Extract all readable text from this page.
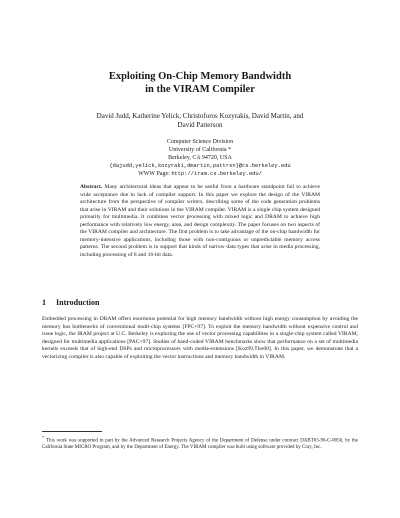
Exploiting On-Chip Memory Bandwidth
in the VIRAM Compiler
David Judd, Katherine Yelick, Christoforos Kozyrakis, David Martin, and
David Patterson
Computer Science Division
University of California *
Berkeley, CA 94720, USA
{dajudd,yelick,kozyraki,dmartin,pattrsn}@cs.berkeley.edu
WWW Page: http://iram.cs.berkeley.edu/
Abstract. Many architectural ideas that appear to be useful from a hardware standpoint fail to achieve wide acceptance due to lack of compiler support. In this paper we explore the design of the VIRAM architecture from the perspective of compiler writers, describing some of the code generation problems that arise in VIRAM and their solutions in the VIRAM compiler. VIRAM is a single chip system designed primarily for multimedia. It combines vector processing with mixed logic and DRAM to achieve high performance with relatively low energy, area, and design complexity. The paper focuses on two aspects of the VIRAM compiler and architecture. The first problem is to take advantage of the on-chip bandwidth for memory-intensive applications, including those with non-contiguous or unpredictable memory access patterns. The second problem is to support that kinds of narrow data types that arise in media processing, including processing of 8 and 16-bit data.
1 Introduction
Embedded processing in DRAM offers enormous potential for high memory bandwidth without high energy consumption by avoiding the memory bus bottlenecks of conventional multi-chip systems [FPC+97]. To exploit the memory bandwidth without expensive control and issue logic, the IRAM project at U.C. Berkeley is exploring the use of vector processing capabilities in a single-chip system called VIRAM, designed for multimedia applications [PAC+97]. Studies of hand-coded VIRAM benchmarks show that performance on a set of multimedia kernels exceeds that of high-end DSPs and microprocessors with media-extensions [Koz99,Tho00]. In this paper, we demonstrate that a vectorizing compiler is also capable of exploiting the vector instructions and memory bandwidth in VIRAM.
*This work was supported in part by the Advanced Research Projects Agency of the Department of Defense under contract DABT63-96-C-0056, by the California State MICRO Program, and by the Department of Energy. The VIRAM compiler was built using software provided by Cray, Inc.
